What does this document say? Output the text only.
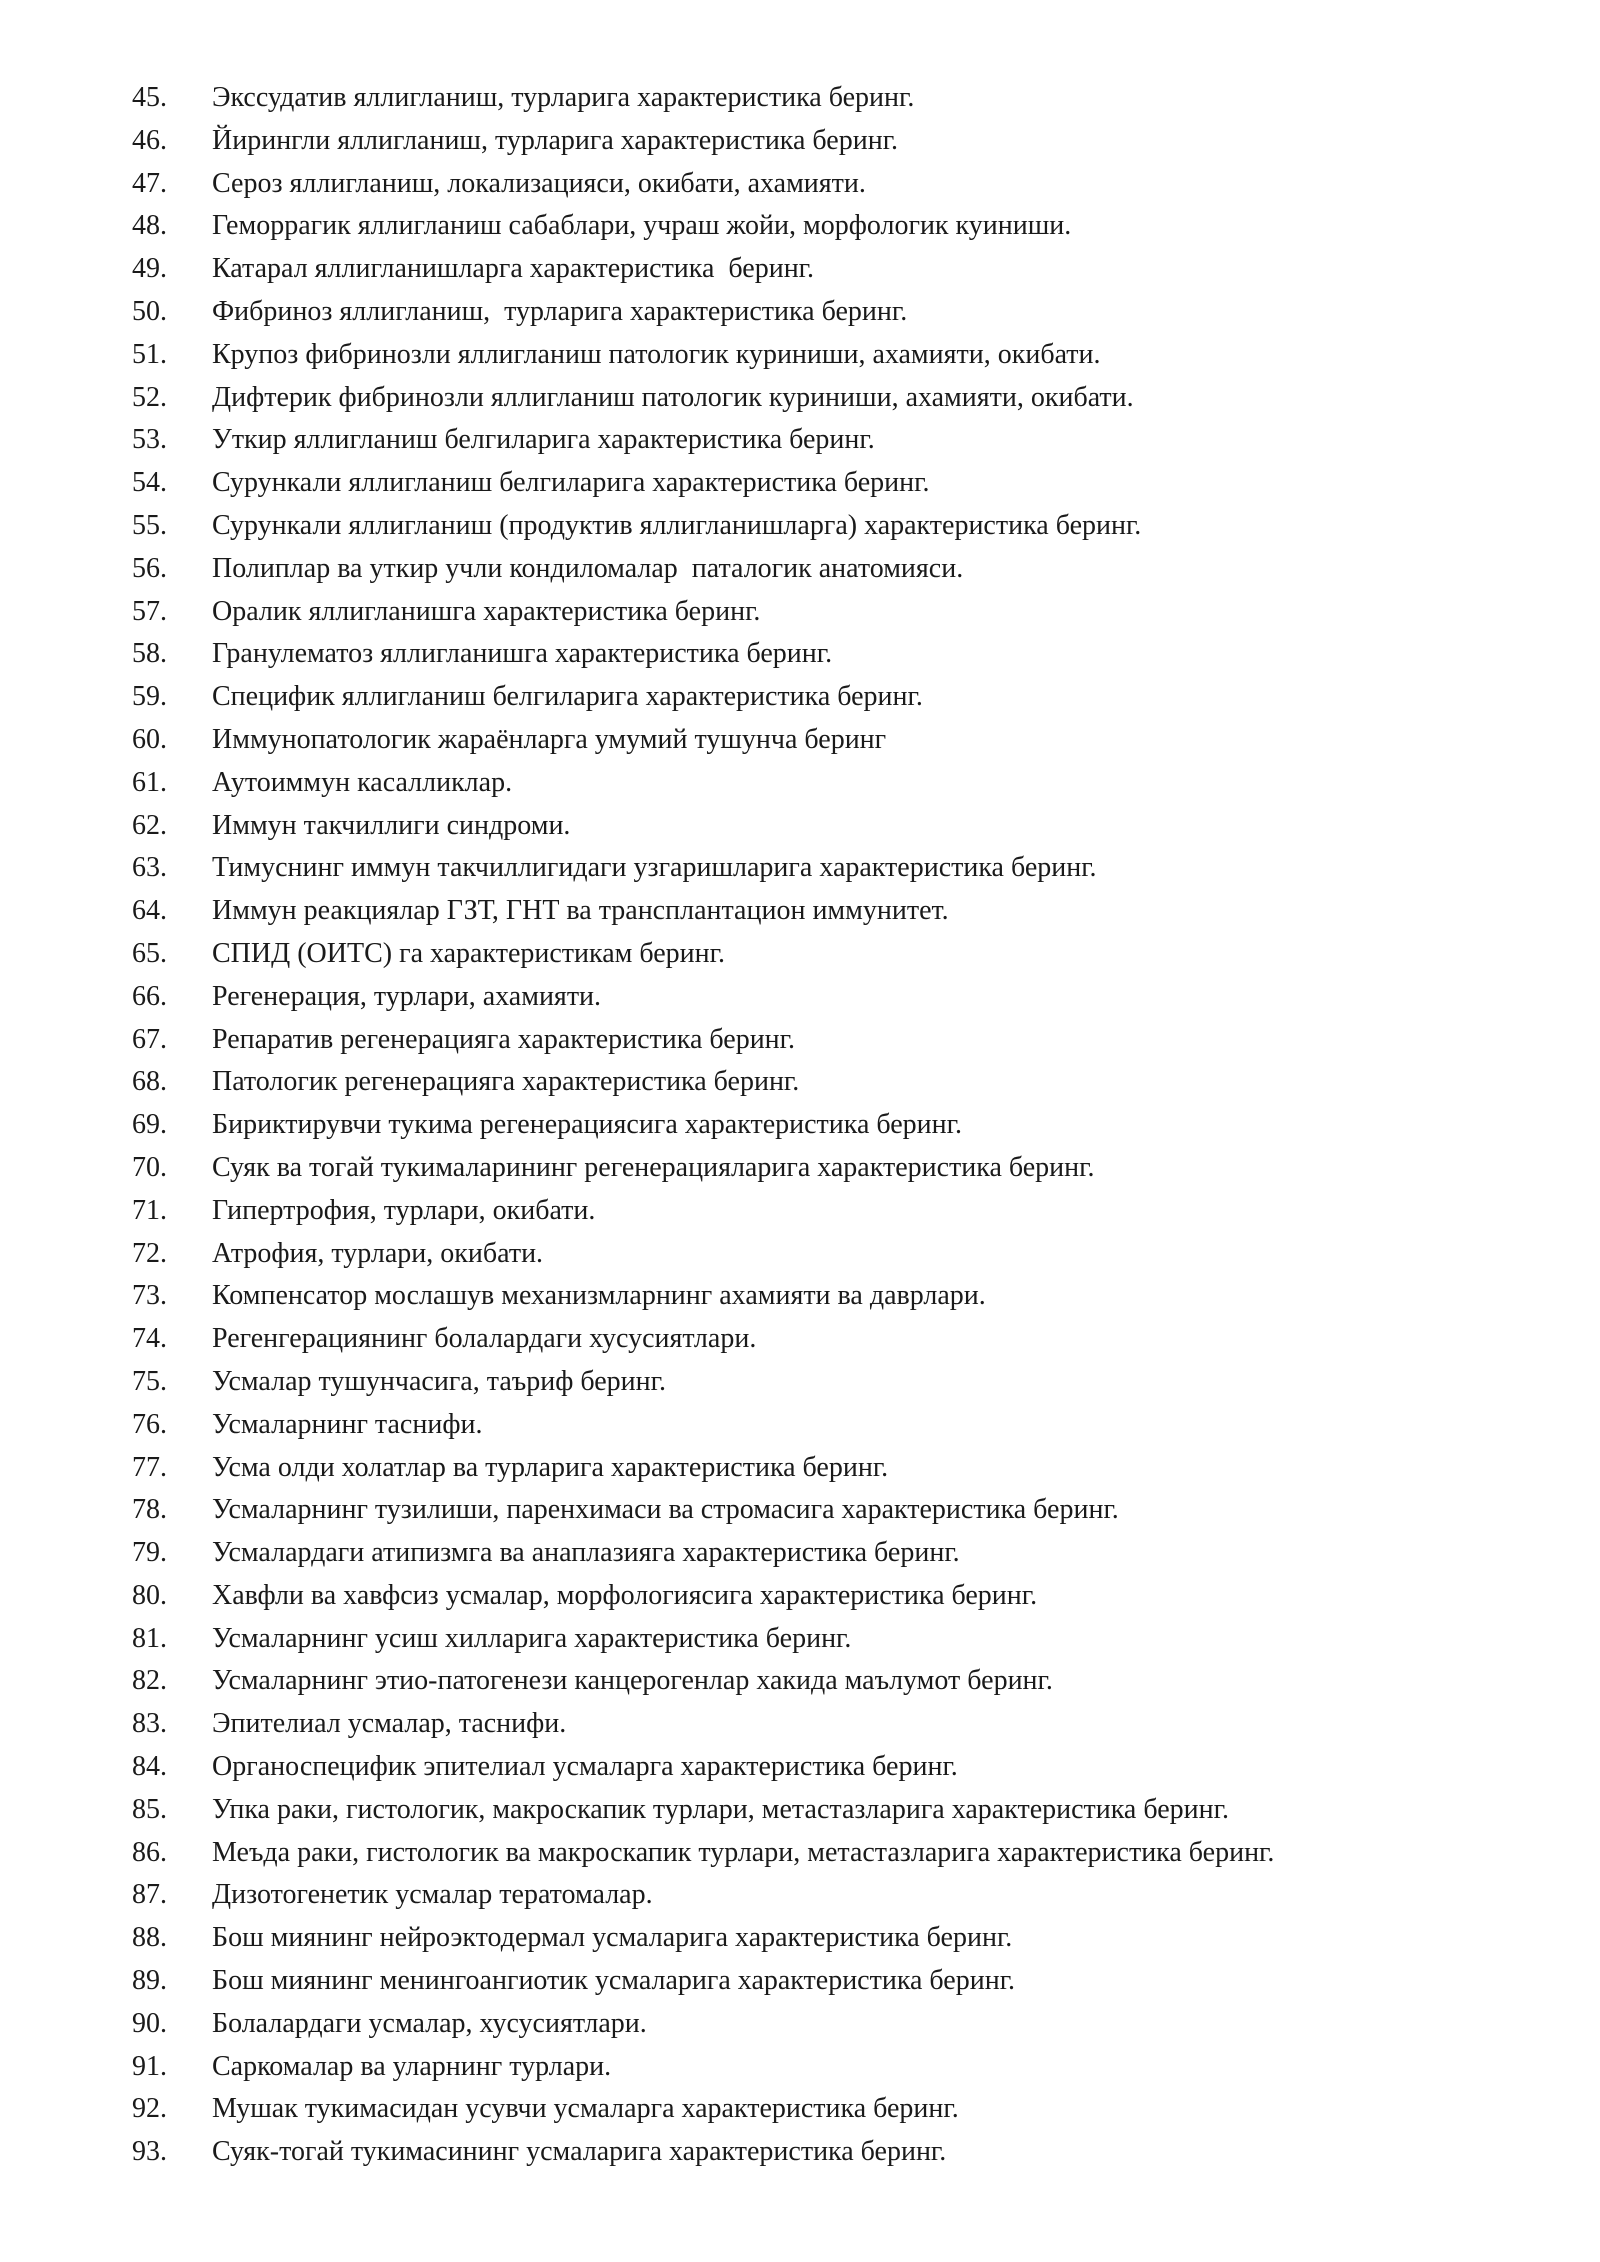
45.	Экссудатив яллигланиш, турларига характеристика беринг.
46.	Йирингли яллигланиш, турларига характеристика беринг.
47.	Сероз яллигланиш, локализацияси, окибати, ахамияти.
48.	Геморрагик яллигланиш сабаблари, учраш жойи, морфологик куиниши.
49.	Катарал яллигланишларга характеристика  беринг.
50.	Фибриноз яллигланиш,  турларига характеристика беринг.
51.	Крупоз фибринозли яллигланиш патологик куриниши, ахамияти, окибати.
52.	Дифтерик фибринозли яллигланиш патологик куриниши, ахамияти, окибати.
53.	Уткир яллигланиш белгиларига характеристика беринг.
54.	Сурункали яллигланиш белгиларига характеристика беринг.
55.	Сурункали яллигланиш (продуктив яллигланишларга) характеристика беринг.
56.	Полиплар ва уткир учли кондиломалар  паталогик анатомияси.
57.	Оралик яллигланишга характеристика беринг.
58.	Гранулематоз яллигланишга характеристика беринг.
59.	Специфик яллигланиш белгиларига характеристика беринг.
60.	Иммунопатологик жараёнларга умумий тушунча беринг
61.	Аутоиммун касалликлар.
62.	Иммун такчиллиги синдроми.
63.	Тимуснинг иммун такчиллигидаги узгаришларига характеристика беринг.
64.	Иммун реакциялар ГЗТ, ГНТ ва трансплантацион иммунитет.
65.	СПИД (ОИТС) га характеристикам беринг.
66.	Регенерация, турлари, ахамияти.
67.	Репаратив регенерацияга характеристика беринг.
68.	Патологик регенерацияга характеристика беринг.
69.	Бириктирувчи тукима регенерациясига характеристика беринг.
70.	Суяк ва тогай тукималарининг регенерацияларига характеристика беринг.
71.	Гипертрофия, турлари, окибати.
72.	Атрофия, турлари, окибати.
73.	Компенсатор мослашув механизмларнинг ахамияти ва даврлари.
74.	Регенгерациянинг болалардаги хусусиятлари.
75.	Усмалар тушунчасига, таъриф беринг.
76.	Усмаларнинг таснифи.
77.	Усма олди холатлар ва турларига характеристика беринг.
78.	Усмаларнинг тузилиши, паренхимаси ва стромасига характеристика беринг.
79.	Усмалардаги атипизмга ва анаплазияга характеристика беринг.
80.	Хавфли ва хавфсиз усмалар, морфологиясига характеристика беринг.
81.	Усмаларнинг усиш хилларига характеристика беринг.
82.	Усмаларнинг этио-патогенези канцерогенлар хакида маълумот беринг.
83.	Эпителиал усмалар, таснифи.
84.	Органоспецифик эпителиал усмаларга характеристика беринг.
85.	Упка раки, гистологик, макроскапик турлари, метастазларига характеристика беринг.
86.	Меъда раки, гистологик ва макроскапик турлари, метастазларига характеристика беринг.
87.	Дизотогенетик усмалар тератомалар.
88.	Бош миянинг нейроэктодермал усмаларига характеристика беринг.
89.	Бош миянинг менингоангиотик усмаларига характеристика беринг.
90.	Болалардаги усмалар, хусусиятлари.
91.	Саркомалар ва уларнинг турлари.
92.	Мушак тукимасидан усувчи усмаларга характеристика беринг.
93.	Суяк-тогай тукимасининг усмаларига характеристика беринг.
